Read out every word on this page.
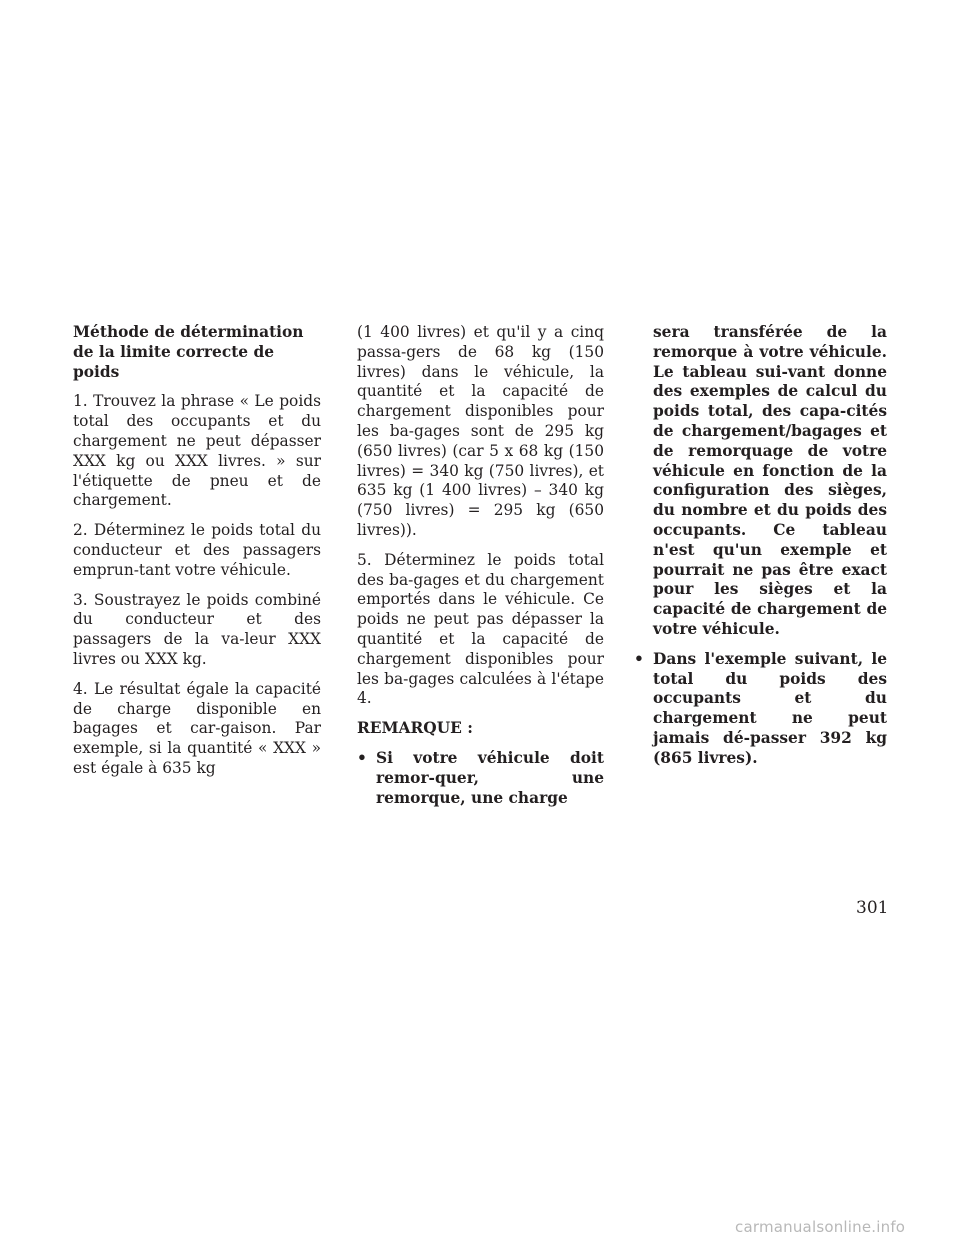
Méthode de détermination de la limite correcte de poids

1. Trouvez la phrase « Le poids total des occupants et du chargement ne peut dépasser XXX kg ou XXX livres. » sur l'étiquette de pneu et de chargement.

2. Déterminez le poids total du conducteur et des passagers emprun-tant votre véhicule.

3. Soustrayez le poids combiné du conducteur et des passagers de la va-leur XXX livres ou XXX kg.

4. Le résultat égale la capacité de charge disponible en bagages et car-gaison. Par exemple, si la quantité « XXX » est égale à 635 kg

(1 400 livres) et qu'il y a cinq passa-gers de 68 kg (150 livres) dans le véhicule, la quantité et la capacité de chargement disponibles pour les ba-gages sont de 295 kg (650 livres) (car 5 x 68 kg (150 livres) = 340 kg (750 livres), et 635 kg (1 400 livres) – 340 kg (750 livres) = 295 kg (650 livres)).

5. Déterminez le poids total des ba-gages et du chargement emportés dans le véhicule. Ce poids ne peut pas dépasser la quantité et la capacité de chargement disponibles pour les ba-gages calculées à l'étape 4.

REMARQUE :

• Si votre véhicule doit remor-quer, une remorque, une charge

sera transférée de la remorque à votre véhicule. Le tableau sui-vant donne des exemples de calcul du poids total, des capa-cités de chargement/bagages et de remorquage de votre véhicule en fonction de la configuration des sièges, du nombre et du poids des occupants. Ce tableau n'est qu'un exemple et pourrait ne pas être exact pour les sièges et la capacité de chargement de votre véhicule.

• Dans l'exemple suivant, le total du poids des occupants et du chargement ne peut jamais dé-passer 392 kg (865 livres).
301
carmanualsonline.info
